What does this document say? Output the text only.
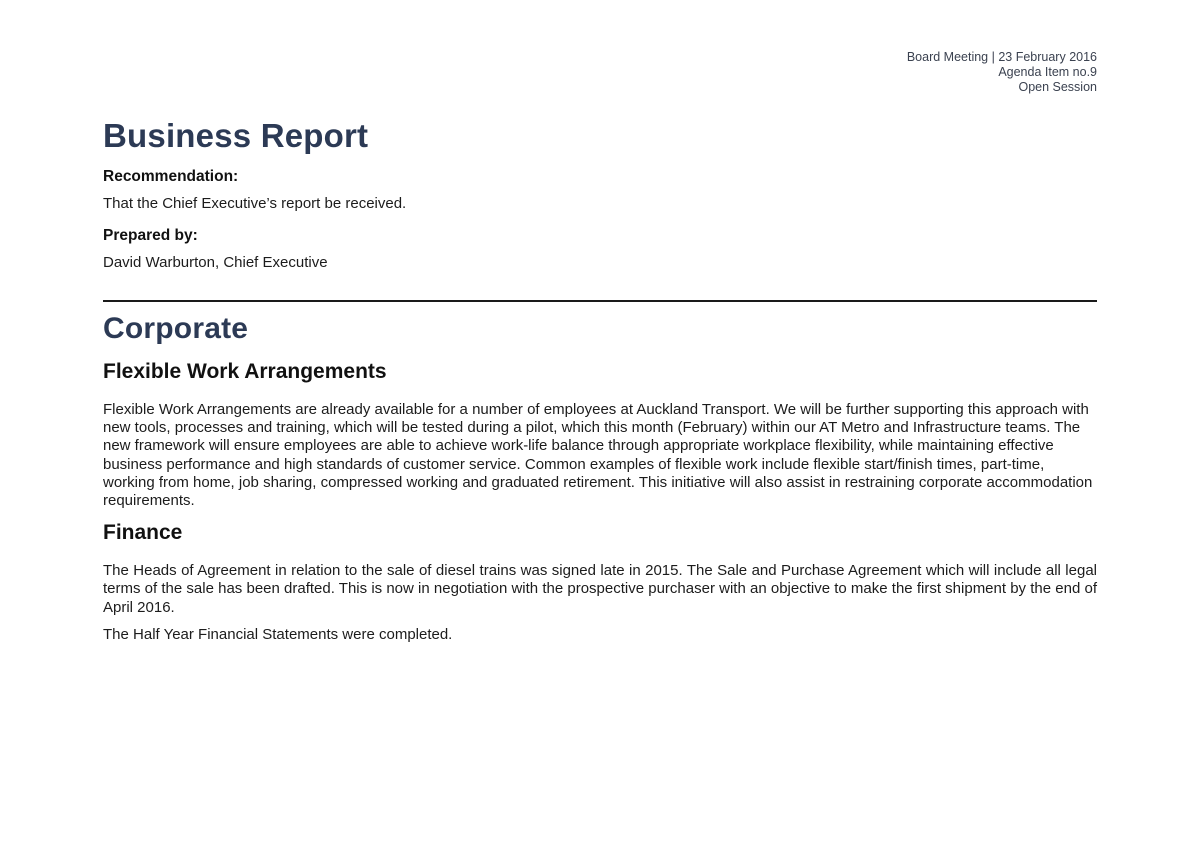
Board Meeting | 23 February 2016
Agenda Item no.9
Open Session
Business Report
Recommendation:
That the Chief Executive’s report be received.
Prepared by:
David Warburton, Chief Executive
Corporate
Flexible Work Arrangements
Flexible Work Arrangements are already available for a number of employees at Auckland Transport. We will be further supporting this approach with new tools, processes and training, which will be tested during a pilot, which this month (February) within our AT Metro and Infrastructure teams. The new framework will ensure employees are able to achieve work-life balance through appropriate workplace flexibility, while maintaining effective business performance and high standards of customer service. Common examples of flexible work include flexible start/finish times, part-time, working from home, job sharing, compressed working and graduated retirement. This initiative will also assist in restraining corporate accommodation requirements.
Finance
The Heads of Agreement in relation to the sale of diesel trains was signed late in 2015. The Sale and Purchase Agreement which will include all legal terms of the sale has been drafted. This is now in negotiation with the prospective purchaser with an objective to make the first shipment by the end of April 2016.
The Half Year Financial Statements were completed.
